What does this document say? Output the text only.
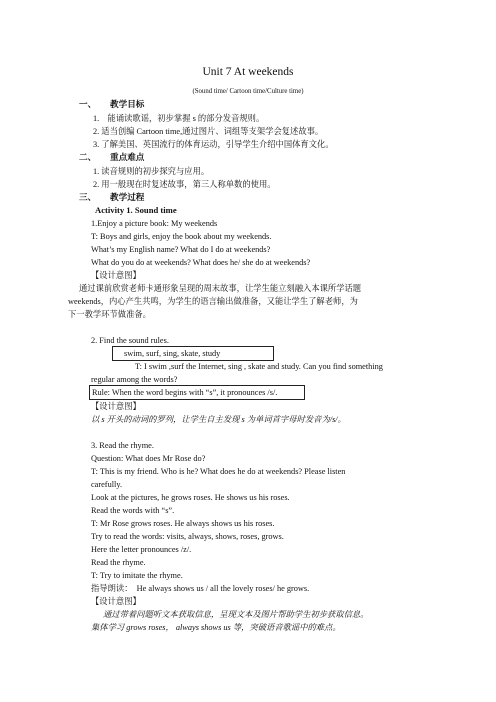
Unit 7 At weekends
(Sound time/ Cartoon time/Culture time)
一、 教学目标
1.　能诵读歌谣，初步掌握 s 的部分发音规则。
2. 适当创编 Cartoon time,通过图片、词组等支架学会复述故事。
3. 了解美国、英国流行的体育运动，引导学生介绍中国体育文化。
二、 重点难点
1. 读音规则的初步探究与应用。
2. 用一般现在时复述故事，第三人称单数的使用。
三、 教学过程
Activity 1. Sound time
1.Enjoy a picture book: My weekends
T: Boys and girls, enjoy the book about my weekends.
What’s my English name? What do I do at weekends?
What do you do at weekends? What does he/ she do at weekends?
【设计意图】
通过课前欣赏老师卡通形象呈现的周末故事，让学生能立刻融入本课所学话题
weekends，内心产生共鸣，为学生的语言输出做准备，又能让学生了解老师，为
下一教学环节做准备。
2. Find the sound rules.
swim, surf, sing, skate, study
T: I swim ,surf the Internet, sing , skate and study. Can you find something
regular among the words?
Rule: When the word begins with “s”, it pronounces /s/.
【设计意图】
以 s 开头的动词的罗列，让学生自主发现 s 为单词首字母时发音为/s/。
3. Read the rhyme.
Question: What does Mr Rose do?
T: This is my friend. Who is he? What does he do at weekends? Please listen
carefully.
Look at the pictures, he grows roses. He shows us his roses.
Read the words with “s”.
T: Mr Rose grows roses. He always shows us his roses.
Try to read the words: visits, always, shows, roses, grows.
Here the letter pronounces /z/.
Read the rhyme.
T: Try to imitate the rhyme.
指导朗读：　He always shows us / all the lovely roses/ he grows.
【设计意图】
通过带着问题听文本获取信息，呈现文本及图片帮助学生初步获取信息。
集体学习 grows roses， always shows us 等，突破语音歌谣中的难点。
